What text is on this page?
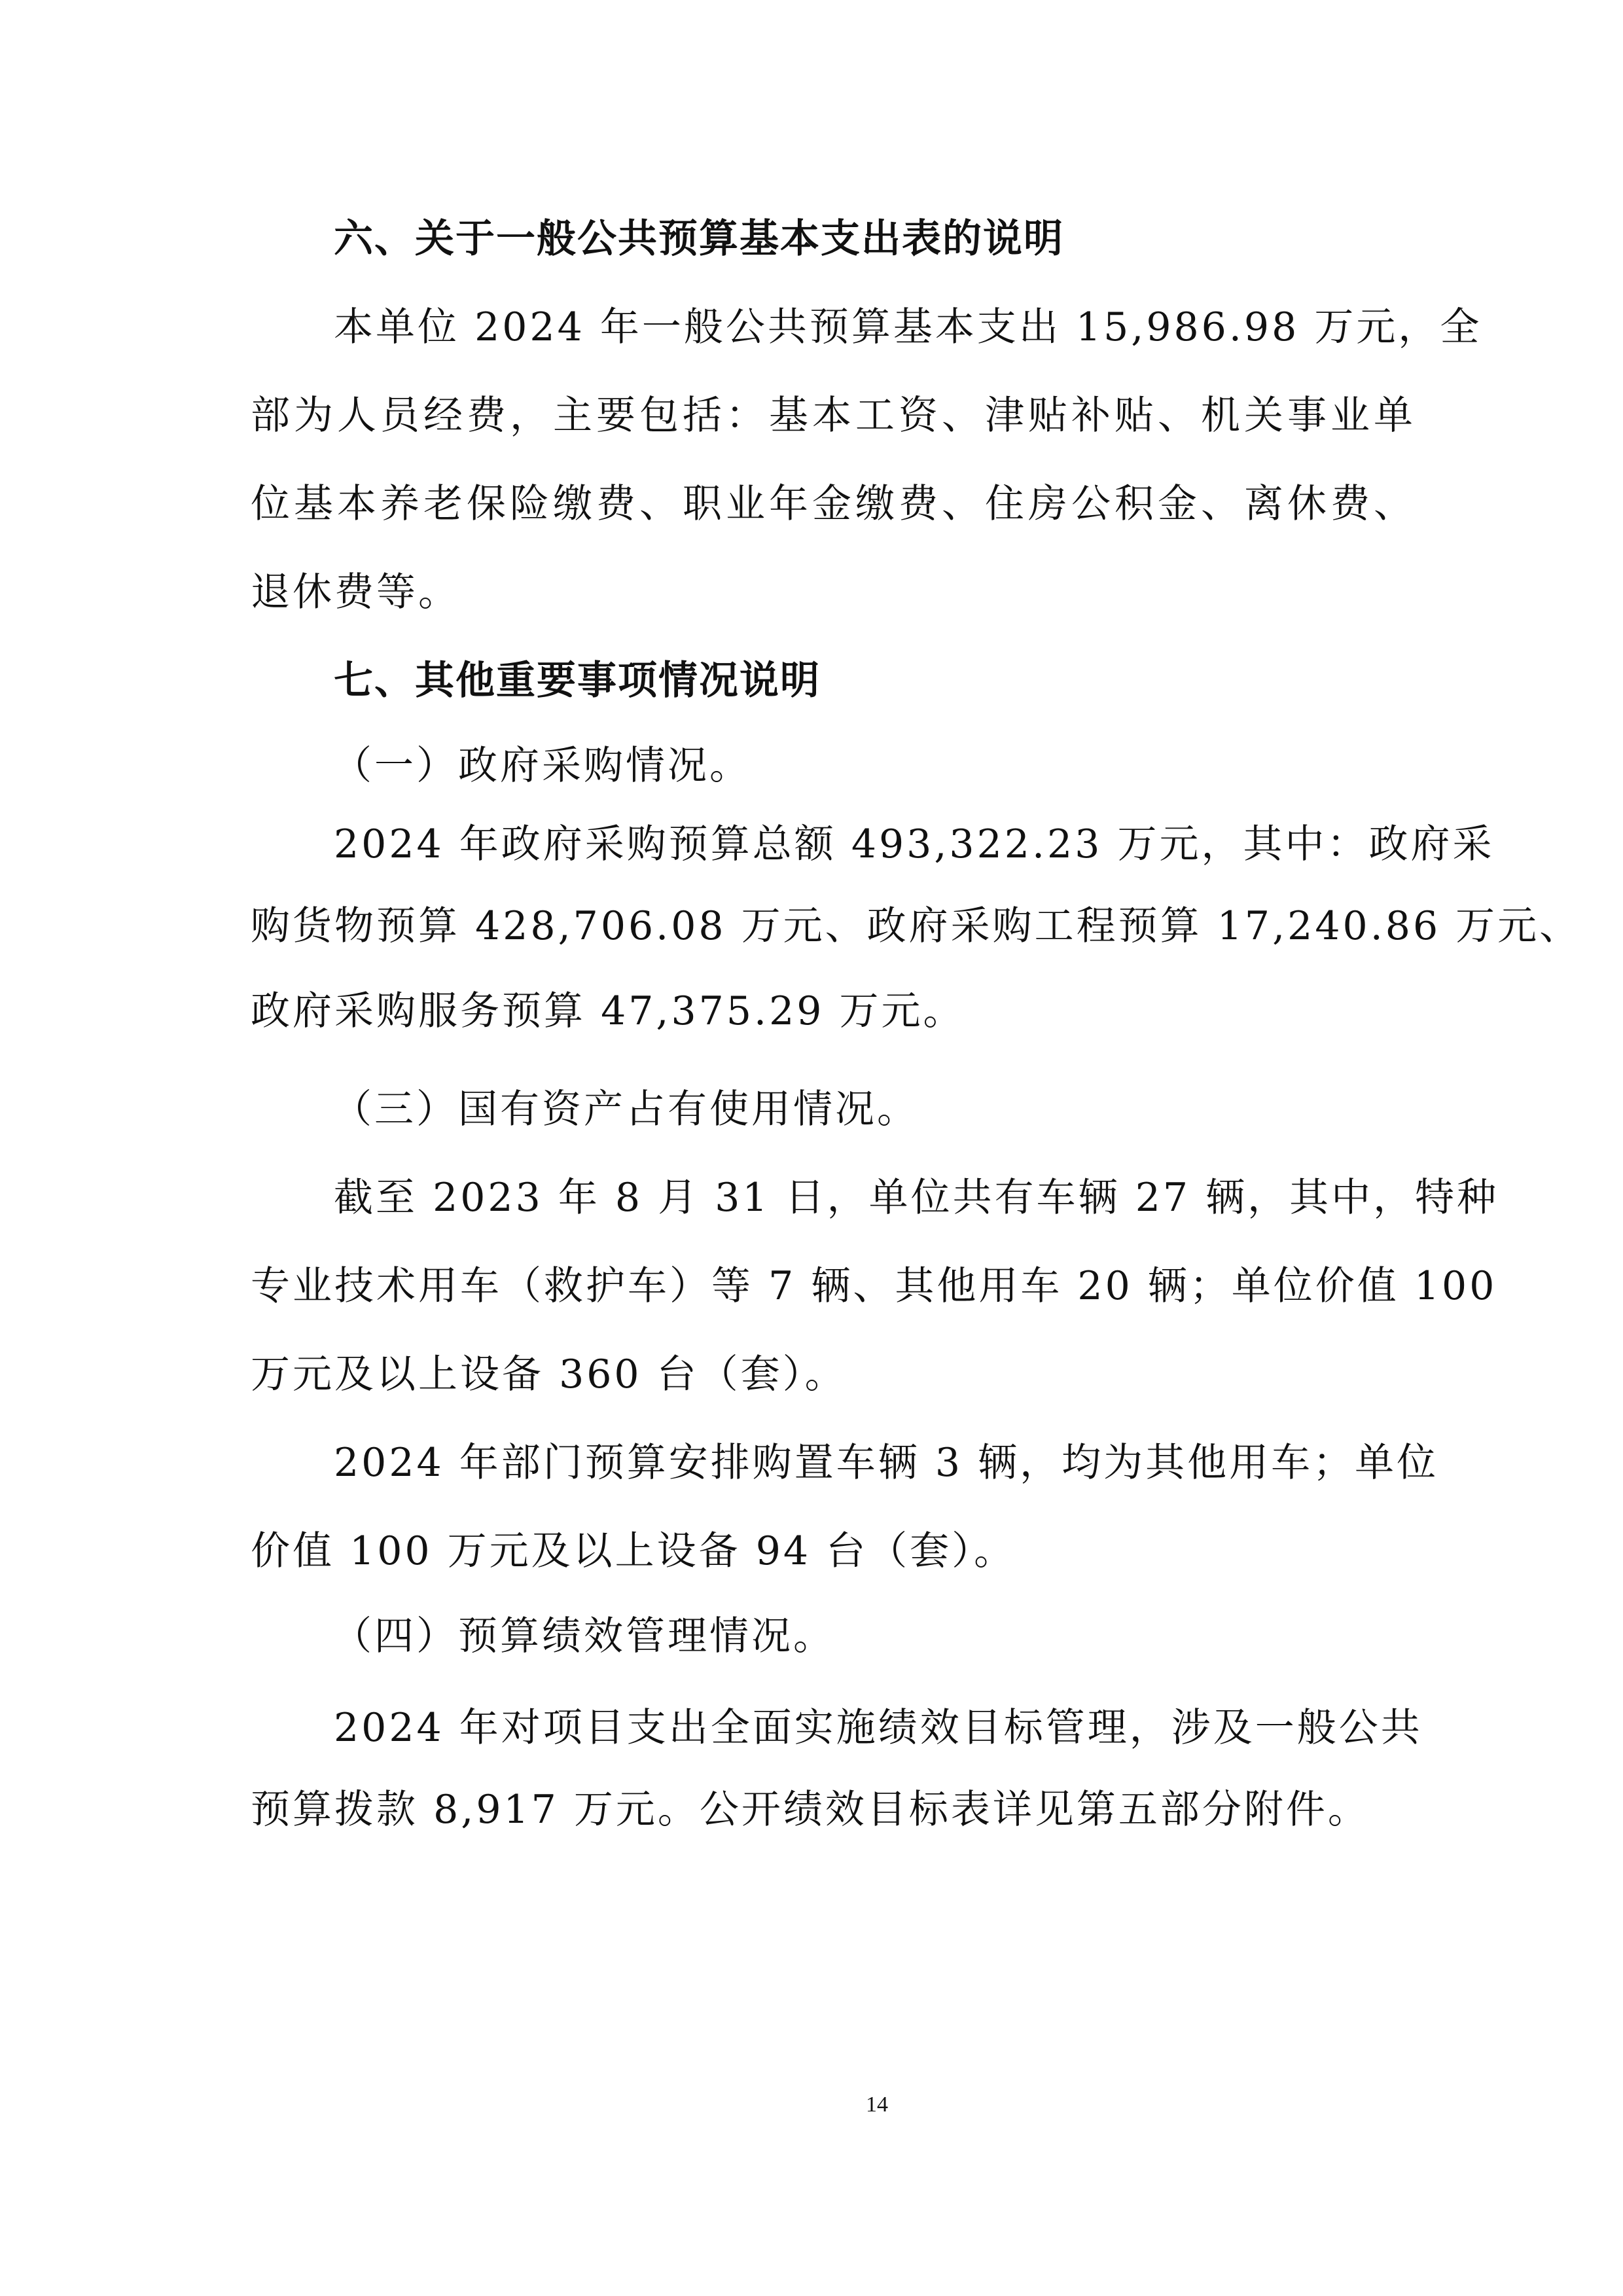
六、关于一般公共预算基本支出表的说明
本单位 2024 年一般公共预算基本支出 15,986.98 万元，全
部为人员经费，主要包括：基本工资、津贴补贴、机关事业单
位基本养老保险缴费、职业年金缴费、住房公积金、离休费、
退休费等。
七、其他重要事项情况说明
（一）政府采购情况。
2024 年政府采购预算总额 493,322.23 万元，其中：政府采
购货物预算 428,706.08 万元、政府采购工程预算 17,240.86 万元、
政府采购服务预算 47,375.29 万元。
（三）国有资产占有使用情况。
截至 2023 年 8 月 31 日，单位共有车辆 27 辆，其中，特种
专业技术用车（救护车）等 7 辆、其他用车 20 辆；单位价值 100
万元及以上设备 360 台（套）。
2024 年部门预算安排购置车辆 3 辆，均为其他用车；单位
价值 100 万元及以上设备 94 台（套）。
（四）预算绩效管理情况。
2024 年对项目支出全面实施绩效目标管理，涉及一般公共
预算拨款 8,917 万元。公开绩效目标表详见第五部分附件。
14
